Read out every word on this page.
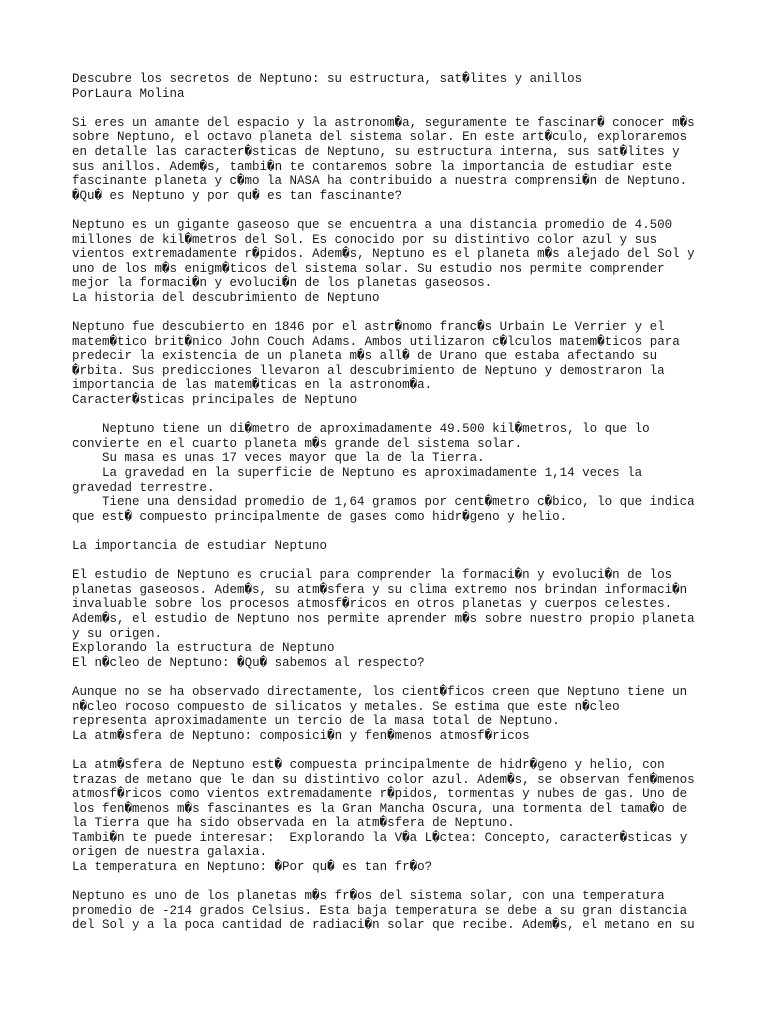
Descubre los secretos de Neptuno: su estructura, sat�lites y anillos
PorLaura Molina
Si eres un amante del espacio y la astronom�a, seguramente te fascinar� conocer m�s
sobre Neptuno, el octavo planeta del sistema solar. En este art�culo, exploraremos
en detalle las caracter�sticas de Neptuno, su estructura interna, sus sat�lites y
sus anillos. Adem�s, tambi�n te contaremos sobre la importancia de estudiar este
fascinante planeta y c�mo la NASA ha contribuido a nuestra comprensi�n de Neptuno.
�Qu� es Neptuno y por qu� es tan fascinante?
Neptuno es un gigante gaseoso que se encuentra a una distancia promedio de 4.500
millones de kil�metros del Sol. Es conocido por su distintivo color azul y sus
vientos extremadamente r�pidos. Adem�s, Neptuno es el planeta m�s alejado del Sol y
uno de los m�s enigm�ticos del sistema solar. Su estudio nos permite comprender
mejor la formaci�n y evoluci�n de los planetas gaseosos.
La historia del descubrimiento de Neptuno
Neptuno fue descubierto en 1846 por el astr�nomo franc�s Urbain Le Verrier y el
matem�tico brit�nico John Couch Adams. Ambos utilizaron c�lculos matem�ticos para
predecir la existencia de un planeta m�s all� de Urano que estaba afectando su
�rbita. Sus predicciones llevaron al descubrimiento de Neptuno y demostraron la
importancia de las matem�ticas en la astronom�a.
Caracter�sticas principales de Neptuno
Neptuno tiene un di�metro de aproximadamente 49.500 kil�metros, lo que lo
convierte en el cuarto planeta m�s grande del sistema solar.
Su masa es unas 17 veces mayor que la de la Tierra.
La gravedad en la superficie de Neptuno es aproximadamente 1,14 veces la
gravedad terrestre.
Tiene una densidad promedio de 1,64 gramos por cent�metro c�bico, lo que indica
que est� compuesto principalmente de gases como hidr�geno y helio.
La importancia de estudiar Neptuno
El estudio de Neptuno es crucial para comprender la formaci�n y evoluci�n de los
planetas gaseosos. Adem�s, su atm�sfera y su clima extremo nos brindan informaci�n
invaluable sobre los procesos atmosf�ricos en otros planetas y cuerpos celestes.
Adem�s, el estudio de Neptuno nos permite aprender m�s sobre nuestro propio planeta
y su origen.
Explorando la estructura de Neptuno
El n�cleo de Neptuno: �Qu� sabemos al respecto?
Aunque no se ha observado directamente, los cient�ficos creen que Neptuno tiene un
n�cleo rocoso compuesto de silicatos y metales. Se estima que este n�cleo
representa aproximadamente un tercio de la masa total de Neptuno.
La atm�sfera de Neptuno: composici�n y fen�menos atmosf�ricos
La atm�sfera de Neptuno est� compuesta principalmente de hidr�geno y helio, con
trazas de metano que le dan su distintivo color azul. Adem�s, se observan fen�menos
atmosf�ricos como vientos extremadamente r�pidos, tormentas y nubes de gas. Uno de
los fen�menos m�s fascinantes es la Gran Mancha Oscura, una tormenta del tama�o de
la Tierra que ha sido observada en la atm�sfera de Neptuno.
Tambi�n te puede interesar:  Explorando la V�a L�ctea: Concepto, caracter�sticas y
origen de nuestra galaxia.
La temperatura en Neptuno: �Por qu� es tan fr�o?
Neptuno es uno de los planetas m�s fr�os del sistema solar, con una temperatura
promedio de -214 grados Celsius. Esta baja temperatura se debe a su gran distancia
del Sol y a la poca cantidad de radiaci�n solar que recibe. Adem�s, el metano en su
